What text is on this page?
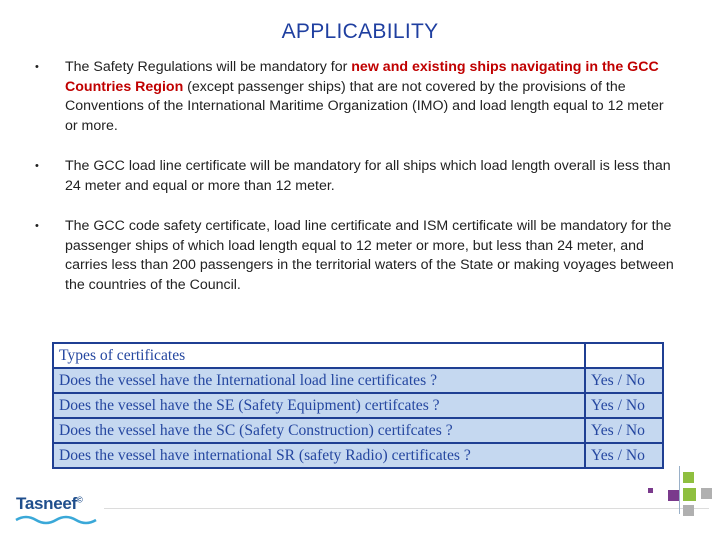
APPLICABILITY
•	The Safety Regulations will be mandatory for new and existing ships navigating in the GCC Countries Region (except passenger ships) that are not covered by the provisions of the Conventions of the International Maritime Organization (IMO) and load length equal to 12 meter or more.
•	The GCC load line certificate will be mandatory for all ships which load length overall is less than 24 meter and equal or more than 12 meter.
•	The GCC code safety certificate, load line certificate and ISM certificate will be mandatory for the passenger ships of which load length equal to 12 meter or more, but less than 24 meter, and carries less than 200 passengers in the territorial waters of the State or making voyages between the countries of the Council.
Types of certificates	
Does the vessel have the International load line certificates ?	Yes / No
Does the vessel have the SE (Safety Equipment) certifcates ?	Yes / No
Does the vessel have the SC (Safety Construction) certifcates ?	Yes / No
Does the vessel have international SR (safety Radio) certificates ?	Yes / No
Tasneef©
